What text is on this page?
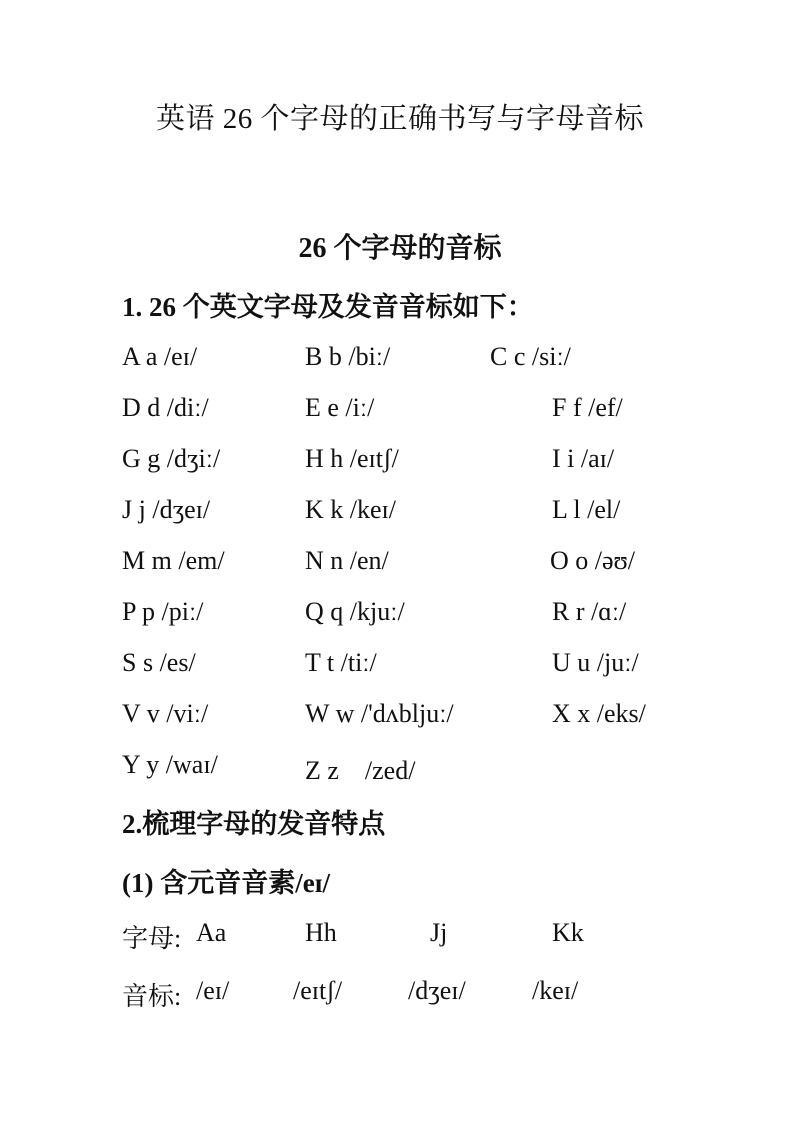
英语 26 个字母的正确书写与字母音标
26 个字母的音标
1. 26 个英文字母及发音音标如下：
A a /eɪ/	B b /biː/	C c /siː/
D d /diː/	E e /iː/	F f /ef/
G g /dʒiː/	H h /eɪtʃ/	I i /aɪ/
J j /dʒeɪ/	K k /keɪ/	L l /el/
M m /em/	N n /en/	O o /əʊ/
P p /piː/	Q q /kjuː/	R r /ɑː/
S s /es/	T t /tiː/	U u /juː/
V v /viː/	W w /'dʌbljuː/	X x /eks/
Y y /waɪ/	Z z　/zed/
2.梳理字母的发音特点
(1) 含元音音素/eɪ/
字母: Aa	Hh	Jj	Kk
音标: /eɪ/ /eɪtʃ/	/dʒeɪ/	/keɪ/
